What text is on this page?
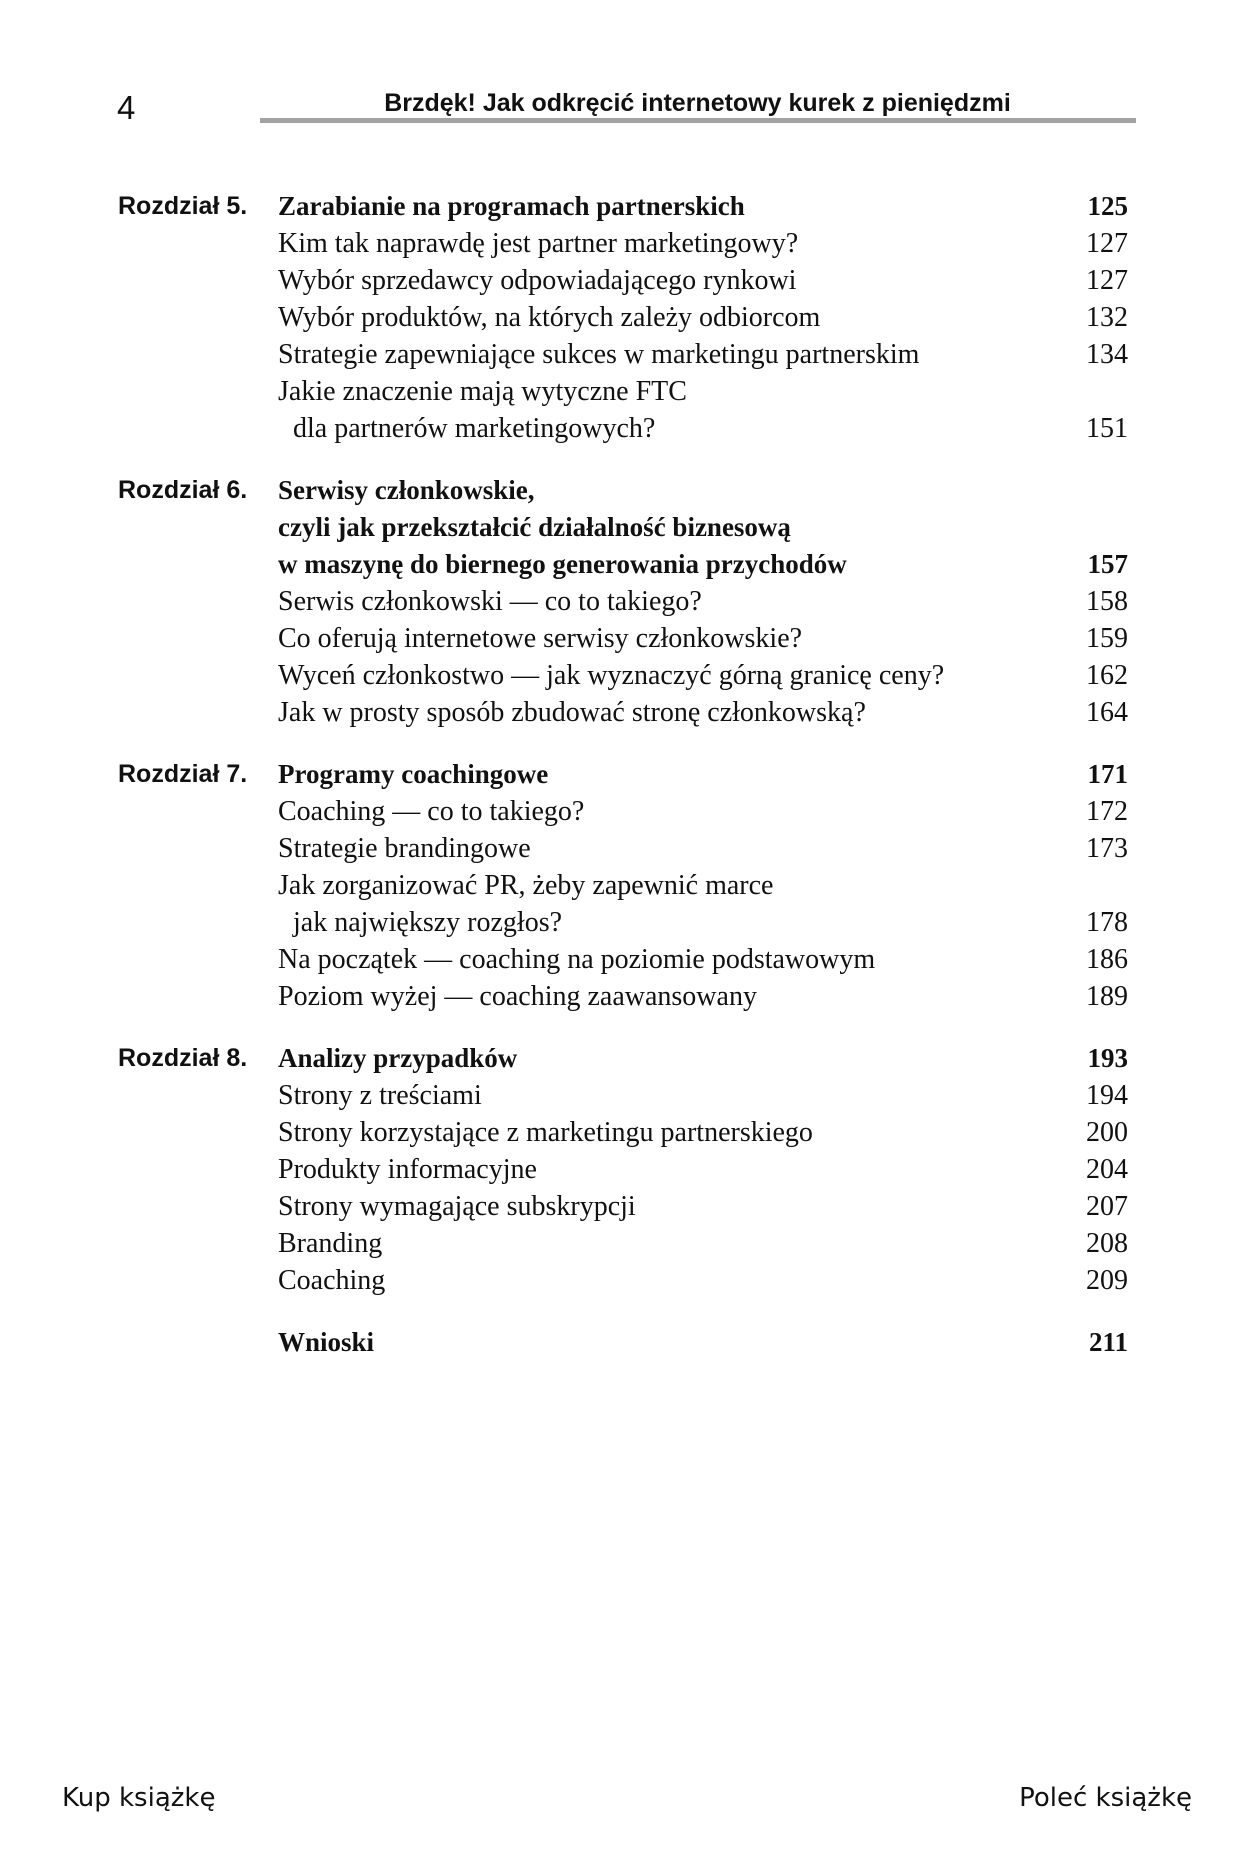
4	Brzdęk! Jak odkręcić internetowy kurek z pieniędzmi
Rozdział 5. Zarabianie na programach partnerskich	125
Kim tak naprawdę jest partner marketingowy?	127
Wybór sprzedawcy odpowiadającego rynkowi	127
Wybór produktów, na których zależy odbiorcom	132
Strategie zapewniające sukces w marketingu partnerskim	134
Jakie znaczenie mają wytyczne FTC
dla partnerów marketingowych?	151
Rozdział 6. Serwisy członkowskie,
czyli jak przekształcić działalność biznesową
w maszynę do biernego generowania przychodów	157
Serwis członkowski — co to takiego?	158
Co oferują internetowe serwisy członkowskie?	159
Wyceń członkostwo — jak wyznaczyć górną granicę ceny?	162
Jak w prosty sposób zbudować stronę członkowską?	164
Rozdział 7. Programy coachingowe	171
Coaching — co to takiego?	172
Strategie brandingowe	173
Jak zorganizować PR, żeby zapewnić marce
jak największy rozgłos?	178
Na początek — coaching na poziomie podstawowym	186
Poziom wyżej — coaching zaawansowany	189
Rozdział 8. Analizy przypadków	193
Strony z treściami	194
Strony korzystające z marketingu partnerskiego	200
Produkty informacyjne	204
Strony wymagające subskrypcji	207
Branding	208
Coaching	209
Wnioski	211
Kup książkę	Poleć książkę
